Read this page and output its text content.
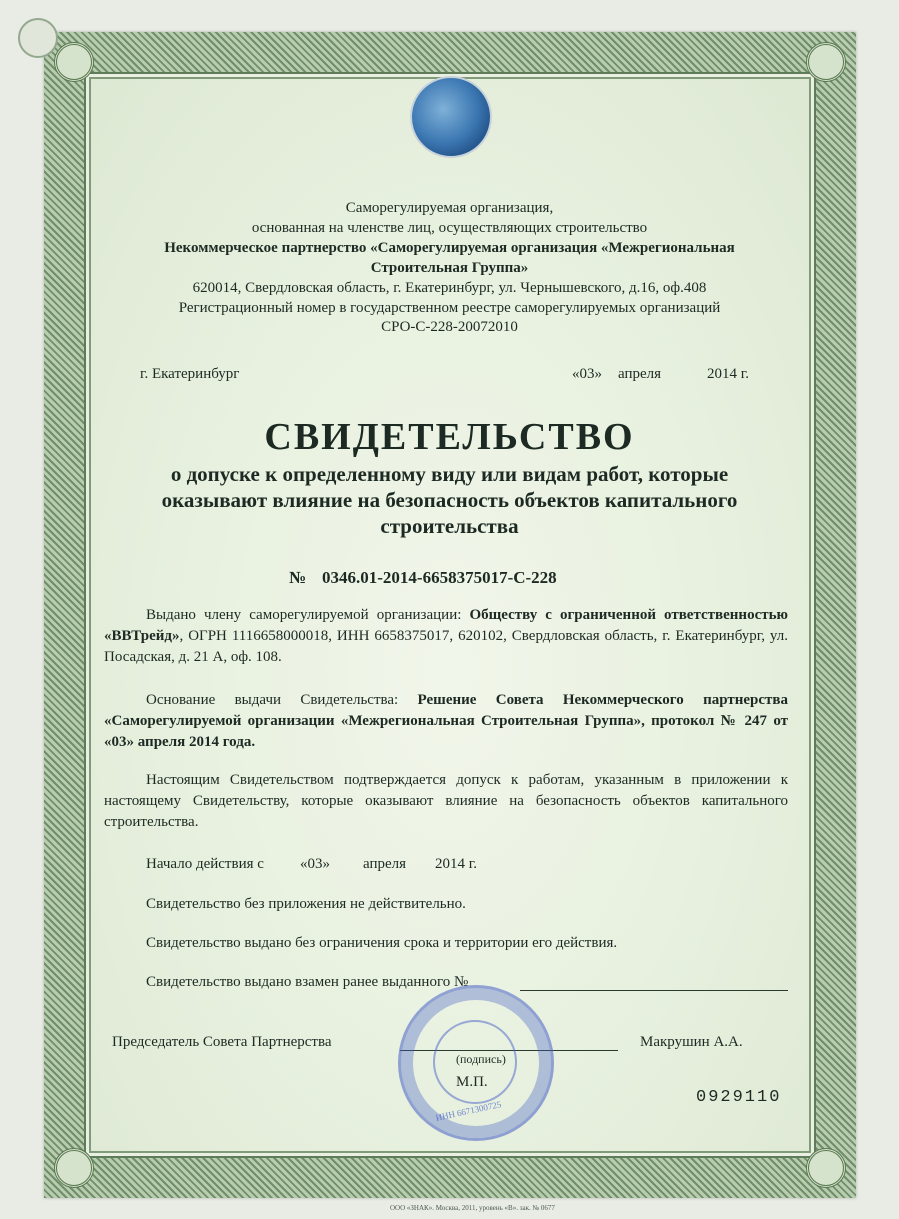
Саморегулируемая организация,
основанная на членстве лиц, осуществляющих строительство
Некоммерческое партнерство «Саморегулируемая организация «Межрегиональная
Строительная Группа»
620014, Свердловская область, г. Екатеринбург, ул. Чернышевского, д.16, оф.408
Регистрационный номер в государственном реестре саморегулируемых организаций
СРО-С-228-20072010
г. Екатеринбург	«03» апреля	2014 г.
СВИДЕТЕЛЬСТВО
о допуске к определенному виду или видам работ, которые
оказывают влияние на безопасность объектов капитального
строительства
№ 0346.01-2014-6658375017-С-228
Выдано члену саморегулируемой организации: Обществу с ограниченной ответственностью «ВВТрейд», ОГРН 1116658000018, ИНН 6658375017, 620102, Свердловская область, г. Екатеринбург, ул. Посадская, д. 21 А, оф. 108.
Основание выдачи Свидетельства: Решение Совета Некоммерческого партнерства «Саморегулируемой организации «Межрегиональная Строительная Группа», протокол № 247 от «03» апреля 2014 года.
Настоящим Свидетельством подтверждается допуск к работам, указанным в приложении к настоящему Свидетельству, которые оказывают влияние на безопасность объектов капитального строительства.
Начало действия с «03» апреля 2014 г.
Свидетельство без приложения не действительно.
Свидетельство выдано без ограничения срока и территории его действия.
Свидетельство выдано взамен ранее выданного №
Председатель Совета Партнерства
(подпись)
М.П.
Макрушин А.А.
ИНН 6671300725
0929110
ООО «ЗНАК». Москва, 2011, уровень «В». зак. № 0677
